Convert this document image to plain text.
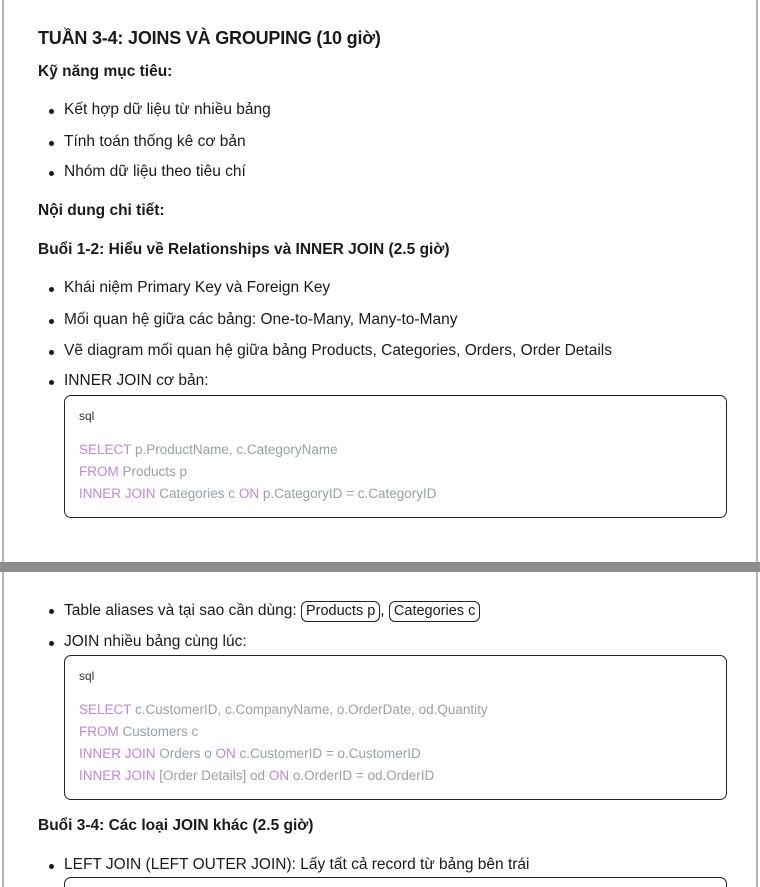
TUẦN 3-4: JOINS VÀ GROUPING (10 giờ)
Kỹ năng mục tiêu:
Kết hợp dữ liệu từ nhiều bảng
Tính toán thống kê cơ bản
Nhóm dữ liệu theo tiêu chí
Nội dung chi tiết:
Buổi 1-2: Hiểu về Relationships và INNER JOIN (2.5 giờ)
Khái niệm Primary Key và Foreign Key
Mối quan hệ giữa các bảng: One-to-Many, Many-to-Many
Vẽ diagram mối quan hệ giữa bảng Products, Categories, Orders, Order Details
INNER JOIN cơ bản:
sql
SELECT p.ProductName, c.CategoryName
FROM Products p
INNER JOIN Categories c ON p.CategoryID = c.CategoryID
Table aliases và tại sao cần dùng: Products p , Categories c
JOIN nhiều bảng cùng lúc:
sql
SELECT c.CustomerID, c.CompanyName, o.OrderDate, od.Quantity
FROM Customers c
INNER JOIN Orders o ON c.CustomerID = o.CustomerID
INNER JOIN [Order Details] od ON o.OrderID = od.OrderID
Buổi 3-4: Các loại JOIN khác (2.5 giờ)
LEFT JOIN (LEFT OUTER JOIN): Lấy tất cả record từ bảng bên trái
